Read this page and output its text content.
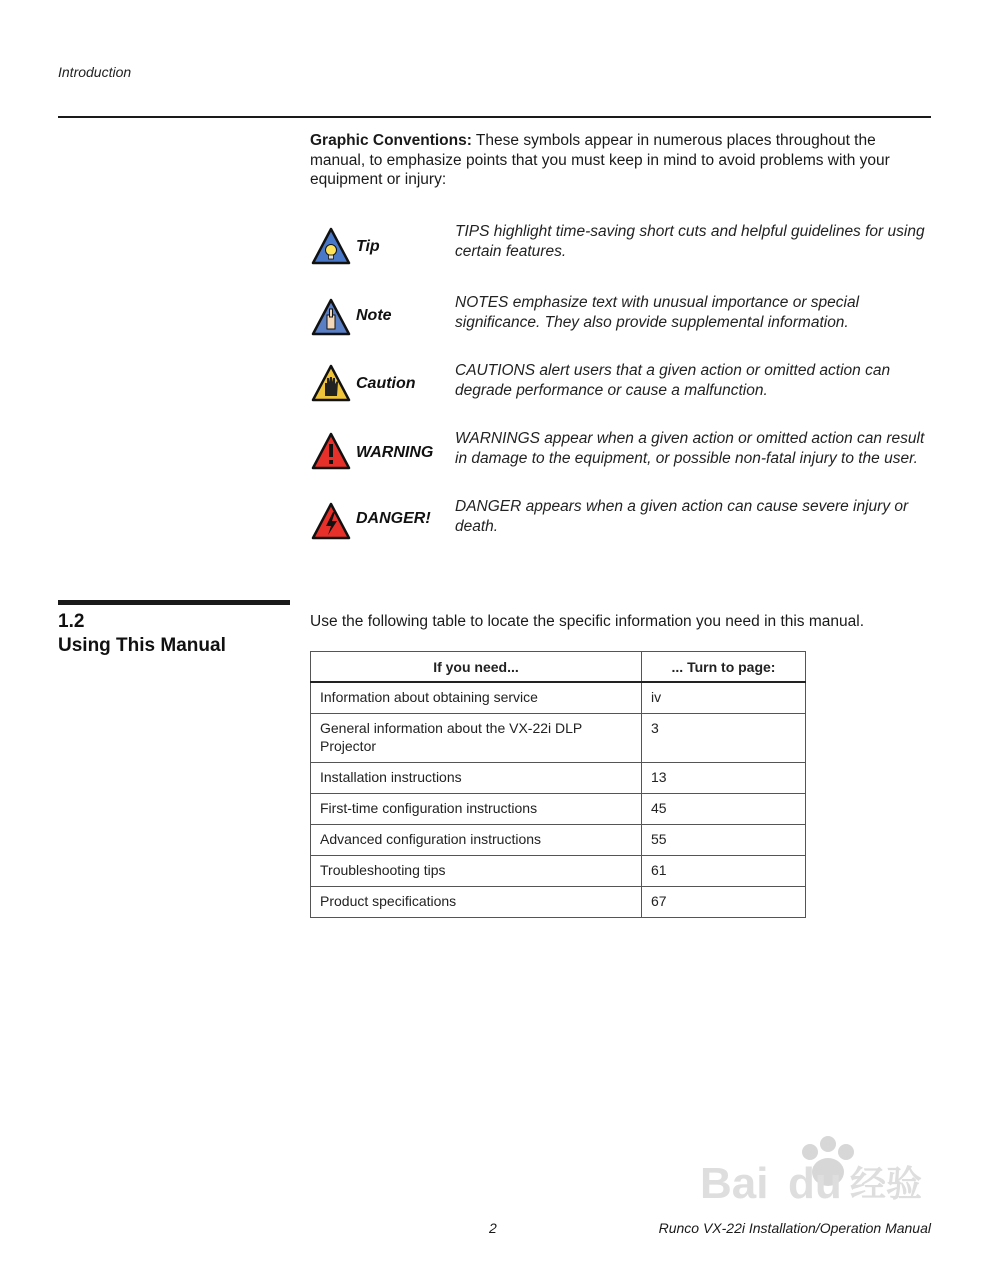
Introduction
Graphic Conventions: These symbols appear in numerous places throughout the manual, to emphasize points that you must keep in mind to avoid problems with your equipment or injury:
Tip
TIPS highlight time-saving short cuts and helpful guidelines for using certain features.
Note
NOTES emphasize text with unusual importance or special significance. They also provide supplemental information.
Caution
CAUTIONS alert users that a given action or omitted action can degrade performance or cause a malfunction.
WARNING
WARNINGS appear when a given action or omitted action can result in damage to the equipment, or possible non-fatal injury to the user.
DANGER!
DANGER appears when a given action can cause severe injury or death.
1.2
Using This Manual
Use the following table to locate the specific information you need in this manual.
If you need...	... Turn to page:
Information about obtaining service	iv
General information about the VX-22i DLP Projector	3
Installation instructions	13
First-time configuration instructions	45
Advanced configuration instructions	55
Troubleshooting tips	61
Product specifications	67
Bai du 经验
2	Runco VX-22i Installation/Operation Manual
